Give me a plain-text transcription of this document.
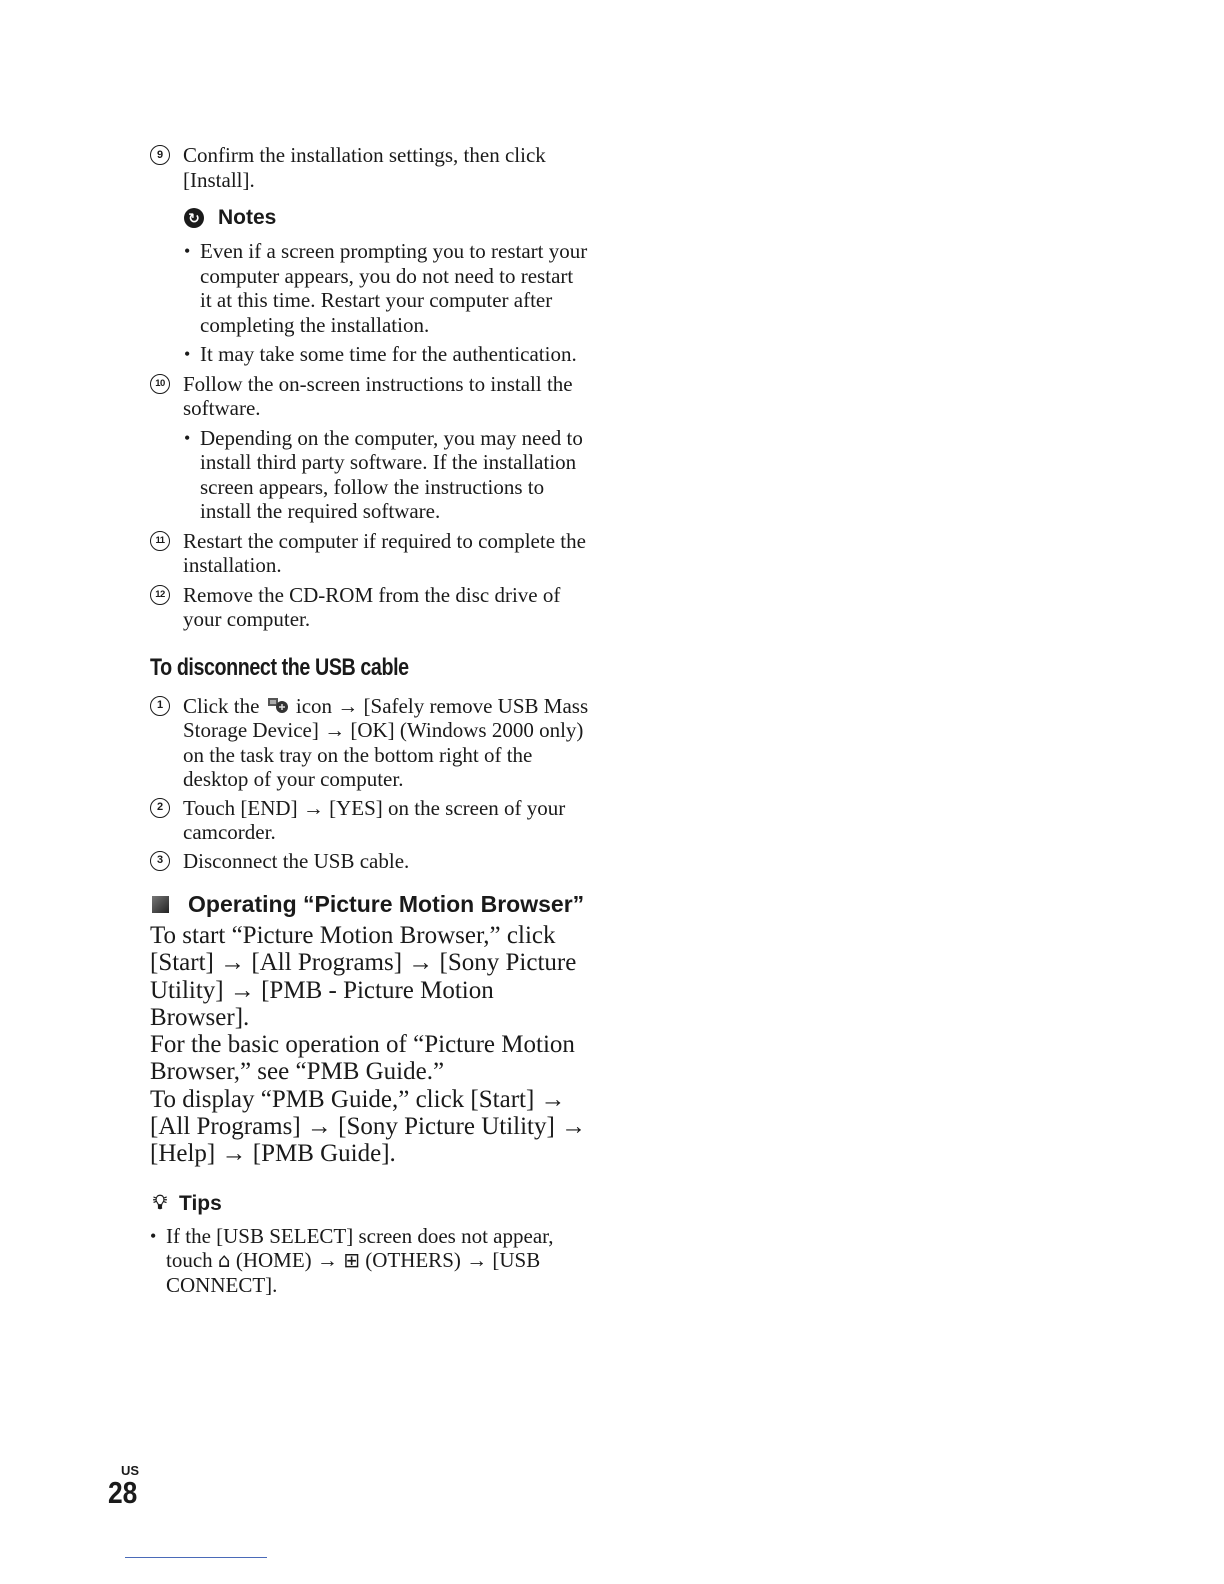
9 Confirm the installation settings, then click [Install].
↻ Notes
• Even if a screen prompting you to restart your computer appears, you do not need to restart it at this time. Restart your computer after completing the installation.
• It may take some time for the authentication.
10 Follow the on-screen instructions to install the software.
• Depending on the computer, you may need to install third party software. If the installation screen appears, follow the instructions to install the required software.
11 Restart the computer if required to complete the installation.
12 Remove the CD-ROM from the disc drive of your computer.
To disconnect the USB cable
1 Click the icon → [Safely remove USB Mass Storage Device] → [OK] (Windows 2000 only) on the task tray on the bottom right of the desktop of your computer.
2 Touch [END] → [YES] on the screen of your camcorder.
3 Disconnect the USB cable.
Operating “Picture Motion Browser”
To start “Picture Motion Browser,” click [Start] → [All Programs] → [Sony Picture Utility] → [PMB - Picture Motion Browser].
For the basic operation of “Picture Motion Browser,” see “PMB Guide.”
To display “PMB Guide,” click [Start] → [All Programs] → [Sony Picture Utility] → [Help] → [PMB Guide].
💡︎ Tips
• If the [USB SELECT] screen does not appear, touch ⌂ (HOME) → ⊞ (OTHERS) → [USB CONNECT].
US
28
